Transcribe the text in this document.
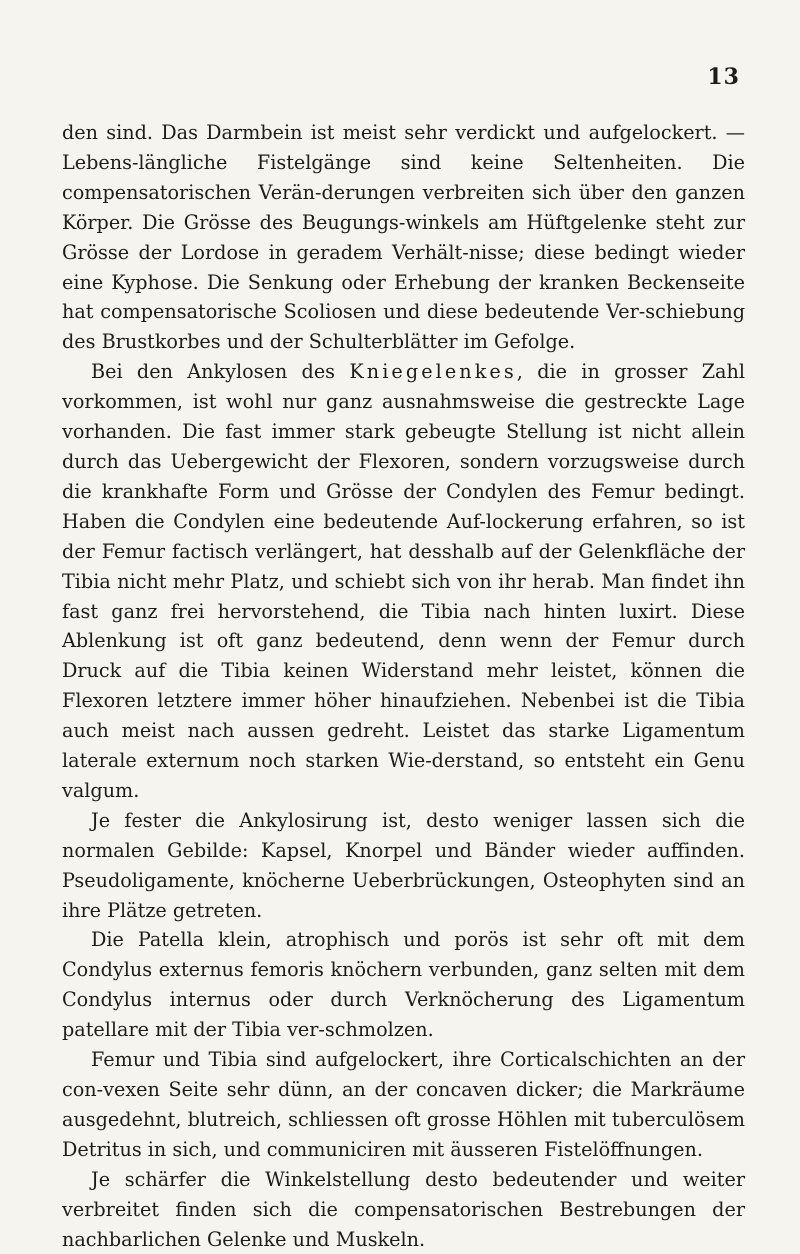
13

den sind. Das Darmbein ist meist sehr verdickt und aufgelockert. — Lebens-längliche Fistelgänge sind keine Seltenheiten. Die compensatorischen Verän-derungen verbreiten sich über den ganzen Körper. Die Grösse des Beugungs-winkels am Hüftgelenke steht zur Grösse der Lordose in geradem Verhält-nisse; diese bedingt wieder eine Kyphose. Die Senkung oder Erhebung der kranken Beckenseite hat compensatorische Scoliosen und diese bedeutende Ver-schiebung des Brustkorbes und der Schulterblätter im Gefolge.

Bei den Ankylosen des Kniegelenkes, die in grosser Zahl vorkommen, ist wohl nur ganz ausnahmsweise die gestreckte Lage vorhanden. Die fast immer stark gebeugte Stellung ist nicht allein durch das Uebergewicht der Flexoren, sondern vorzugsweise durch die krankhafte Form und Grösse der Condylen des Femur bedingt. Haben die Condylen eine bedeutende Auf-lockerung erfahren, so ist der Femur factisch verlängert, hat desshalb auf der Gelenkfläche der Tibia nicht mehr Platz, und schiebt sich von ihr herab. Man findet ihn fast ganz frei hervorstehend, die Tibia nach hinten luxirt. Diese Ablenkung ist oft ganz bedeutend, denn wenn der Femur durch Druck auf die Tibia keinen Widerstand mehr leistet, können die Flexoren letztere immer höher hinaufziehen. Nebenbei ist die Tibia auch meist nach aussen gedreht. Leistet das starke Ligamentum laterale externum noch starken Wie-derstand, so entsteht ein Genu valgum.

Je fester die Ankylosirung ist, desto weniger lassen sich die normalen Gebilde: Kapsel, Knorpel und Bänder wieder auffinden. Pseudoligamente, knöcherne Ueberbrückungen, Osteophyten sind an ihre Plätze getreten.

Die Patella klein, atrophisch und porös ist sehr oft mit dem Condylus externus femoris knöchern verbunden, ganz selten mit dem Condylus internus oder durch Verknöcherung des Ligamentum patellare mit der Tibia ver-schmolzen.

Femur und Tibia sind aufgelockert, ihre Corticalschichten an der con-vexen Seite sehr dünn, an der concaven dicker; die Markräume ausgedehnt, blutreich, schliessen oft grosse Höhlen mit tuberculösem Detritus in sich, und communiciren mit äusseren Fistelöffnungen.

Je schärfer die Winkelstellung desto bedeutender und weiter verbreitet finden sich die compensatorischen Bestrebungen der nachbarlichen Gelenke und Muskeln.
